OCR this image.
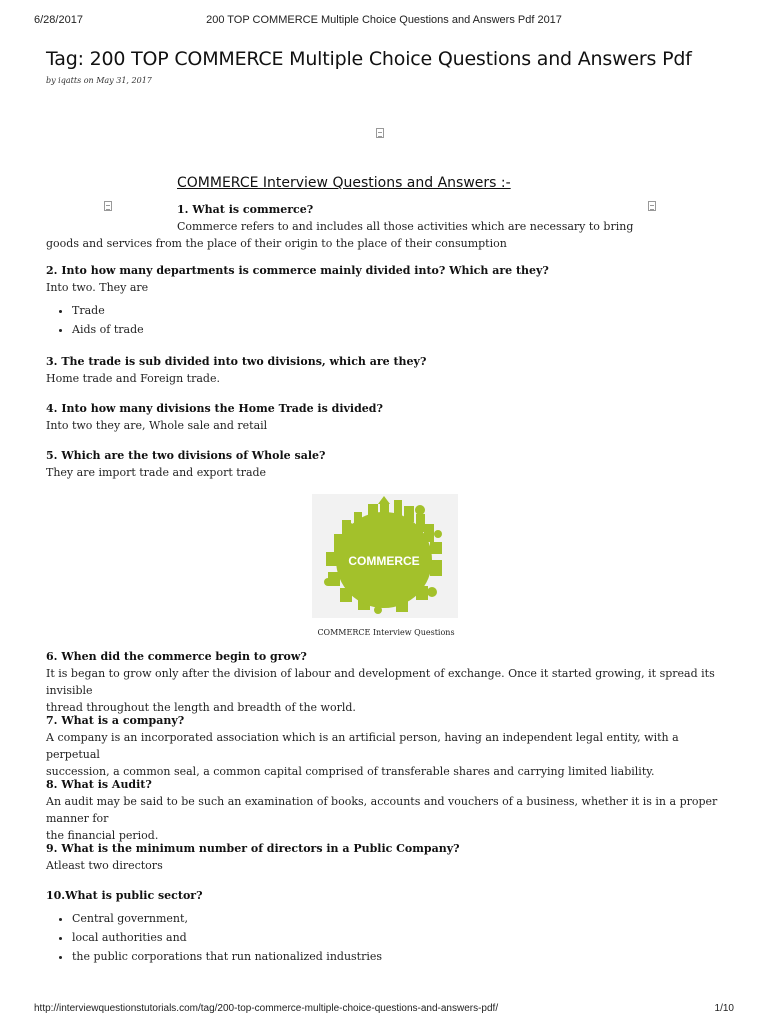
6/28/2017	200 TOP COMMERCE Multiple Choice Questions and Answers Pdf 2017
Tag: 200 TOP COMMERCE Multiple Choice Questions and Answers Pdf
by iqatts on May 31, 2017
COMMERCE Interview Questions and Answers :-

1. What is commerce?

Commerce refers to and includes all those activities which are necessary to bring

goods and services from the place of their origin to the place of their consumption

2. Into how many departments is commerce mainly divided into? Which are they?

Into two. They are

• Trade
• Aids of trade

3. The trade is sub divided into two divisions, which are they?

Home trade and Foreign trade.

4. Into how many divisions the Home Trade is divided?

Into two they are, Whole sale and retail

5. Which are the two divisions of Whole sale?

They are import trade and export trade

COMMERCE
COMMERCE Interview Questions

6. When did the commerce begin to grow?

It is began to grow only after the division of labour and development of exchange. Once it started growing, it spread its invisible

thread throughout the length and breadth of the world.

7. What is a company?

A company is an incorporated association which is an artificial person, having an independent legal entity, with a perpetual

succession, a common seal, a common capital comprised of transferable shares and carrying limited liability.

8. What is Audit?

An audit may be said to be such an examination of books, accounts and vouchers of a business, whether it is in a proper manner for

the financial period.

9. What is the minimum number of directors in a Public Company?

Atleast two directors

10.What is public sector?

• Central government,
• local authorities and
• the public corporations that run nationalized industries
http://interviewquestionstutorials.com/tag/200-top-commerce-multiple-choice-questions-and-answers-pdf/	1/10
